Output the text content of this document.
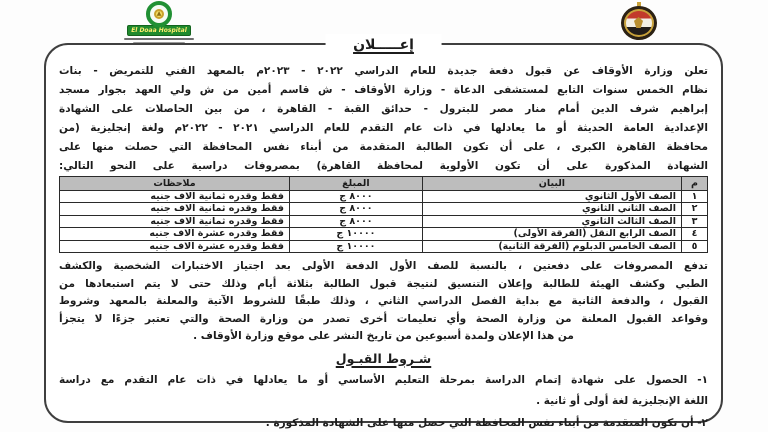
▲
El Doaa Hospital
إعـــــلان
تعلن وزارة الأوقاف عن قبول دفعة جديدة للعام الدراسي ٢٠٢٢ - ٢٠٢٣م بالمعهد الفني للتمريض - بنات
نظام الخمس سنوات التابع لمستشفى الدعاة - وزارة الأوقاف - ش قاسم أمين من ش ولي العهد بجوار مسجد
إبراهيم شرف الدين أمام منار مصر للبترول - حدائق القبة - القاهرة ، من بين الحاصلات على الشهادة
الإعدادية العامة الحديثة أو ما يعادلها في ذات عام التقدم للعام الدراسي ٢٠٢١ - ٢٠٢٢م ولغة إنجليزية (من
محافظة القاهرة الكبرى ، على أن تكون الطالبة المتقدمة من أبناء نفس المحافظة التي حصلت منها على
الشهادة المذكورة على أن تكون الأولوية لمحافظة القاهرة) بمصروفات دراسية على النحو التالي:
م	البيان	المبلغ	ملاحظات
١	الصف الأول الثانوي	٨٠٠٠ ج	فقط وقدره ثمانية آلاف جنيه
٢	الصف الثاني الثانوي	٨٠٠٠ ج	فقط وقدره ثمانية آلاف جنيه
٣	الصف الثالث الثانوي	٨٠٠٠ ج	فقط وقدره ثمانية آلاف جنيه
٤	الصف الرابع النقل (الفرقة الأولى)	١٠٠٠٠ ج	فقط وقدره عشرة آلاف جنيه
٥	الصف الخامس الدبلوم (الفرقة الثانية)	١٠٠٠٠ ج	فقط وقدره عشرة آلاف جنيه
تدفع المصروفات على دفعتين ، بالنسبة للصف الأول الدفعة الأولى بعد اجتياز الاختبارات الشخصية والكشف
الطبي وكشف الهيئة للطالبة وإعلان التنسيق لنتيجة قبول الطالبة بثلاثة أيام وذلك حتى لا يتم استبعادها من
القبول ، والدفعة الثانية مع بداية الفصل الدراسي الثاني ، وذلك طبقًا للشروط الآتية والمعلنة بالمعهد وشروط
وقواعد القبول المعلنة من وزارة الصحة وأي تعليمات أخرى تصدر من وزارة الصحة والتي تعتبر جزءًا لا يتجزأ
من هذا الإعلان ولمدة أسبوعين من تاريخ النشر على موقع وزارة الأوقاف .
شـروط القبـول
١- الحصول على شهادة إتمام الدراسة بمرحلة التعليم الأساسي أو ما يعادلها في ذات عام التقدم مع دراسة
اللغة الإنجليزية لغة أولى أو ثانية .
٢- أن تكون المتقدمة من أبناء نفس المحافظة التي حصل منها على الشهادة المذكورة .
